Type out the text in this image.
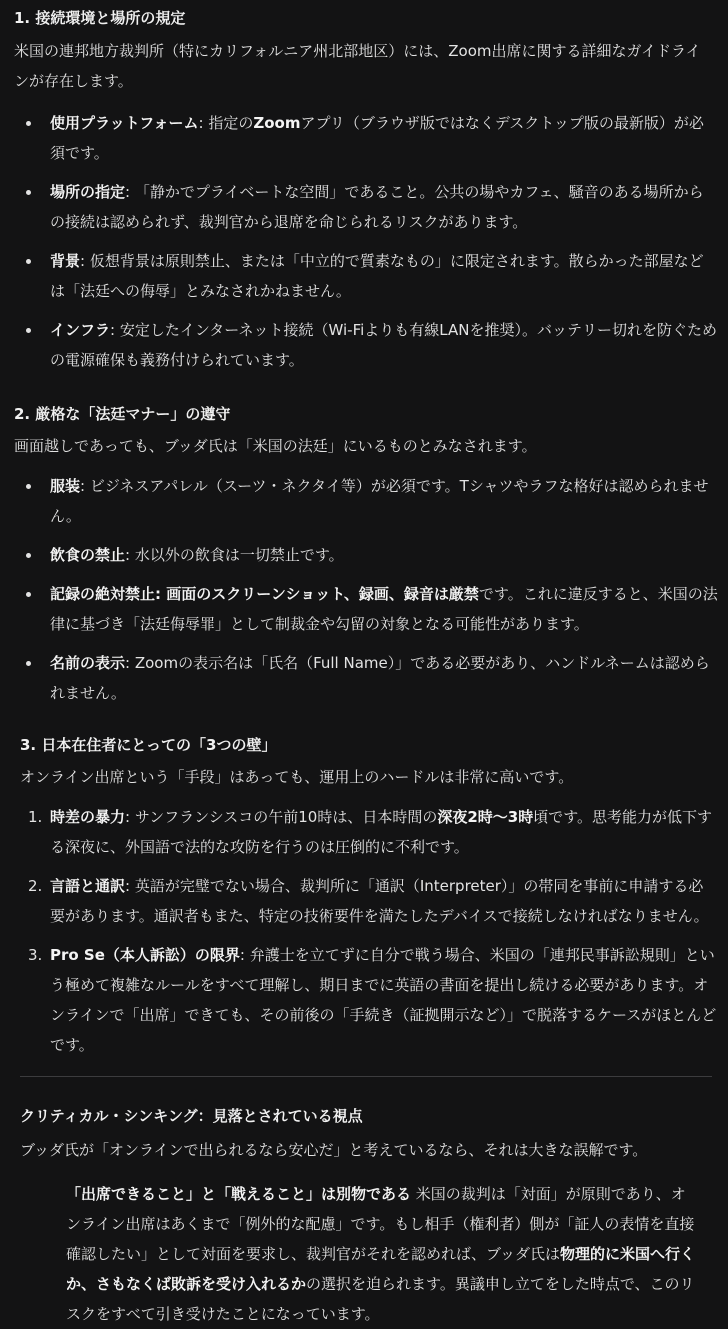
1. 接続環境と場所の規定

米国の連邦地方裁判所（特にカリフォルニア州北部地区）には、Zoom出席に関する詳細なガイドラインが存在します。

使用プラットフォーム: 指定のZoomアプリ（ブラウザ版ではなくデスクトップ版の最新版）が必須です。
場所の指定: 「静かでプライベートな空間」であること。公共の場やカフェ、騒音のある場所からの接続は認められず、裁判官から退席を命じられるリスクがあります。
背景: 仮想背景は原則禁止、または「中立的で質素なもの」に限定されます。散らかった部屋などは「法廷への侮辱」とみなされかねません。
インフラ: 安定したインターネット接続（Wi-Fiよりも有線LANを推奨）。バッテリー切れを防ぐための電源確保も義務付けられています。
2. 厳格な「法廷マナー」の遵守

画面越しであっても、ブッダ氏は「米国の法廷」にいるものとみなされます。

服装: ビジネスアパレル（スーツ・ネクタイ等）が必須です。Tシャツやラフな格好は認められません。
飲食の禁止: 水以外の飲食は一切禁止です。
記録の絶対禁止: 画面のスクリーンショット、録画、録音は厳禁です。これに違反すると、米国の法律に基づき「法廷侮辱罪」として制裁金や勾留の対象となる可能性があります。
名前の表示: Zoomの表示名は「氏名（Full Name）」である必要があり、ハンドルネームは認められません。
3. 日本在住者にとっての「3つの壁」

オンライン出席という「手段」はあっても、運用上のハードルは非常に高いです。

1. 時差の暴力: サンフランシスコの午前10時は、日本時間の深夜2時〜3時頃です。思考能力が低下する深夜に、外国語で法的な攻防を行うのは圧倒的に不利です。
2. 言語と通訳: 英語が完璧でない場合、裁判所に「通訳（Interpreter）」の帯同を事前に申請する必要があります。通訳者もまた、特定の技術要件を満たしたデバイスで接続しなければなりません。
3. Pro Se（本人訴訟）の限界: 弁護士を立てずに自分で戦う場合、米国の「連邦民事訴訟規則」という極めて複雑なルールをすべて理解し、期日までに英語の書面を提出し続ける必要があります。オンラインで「出席」できても、その前後の「手続き（証拠開示など）」で脱落するケースがほとんどです。
クリティカル・シンキング：見落とされている視点

ブッダ氏が「オンラインで出られるなら安心だ」と考えているなら、それは大きな誤解です。

「出席できること」と「戦えること」は別物である 米国の裁判は「対面」が原則であり、オンライン出席はあくまで「例外的な配慮」です。もし相手（権利者）側が「証人の表情を直接確認したい」として対面を要求し、裁判官がそれを認めれば、ブッダ氏は物理的に米国へ行くか、さもなくば敗訴を受け入れるかの選択を迫られます。異議申し立てをした時点で、このリスクをすべて引き受けたことになっています。
